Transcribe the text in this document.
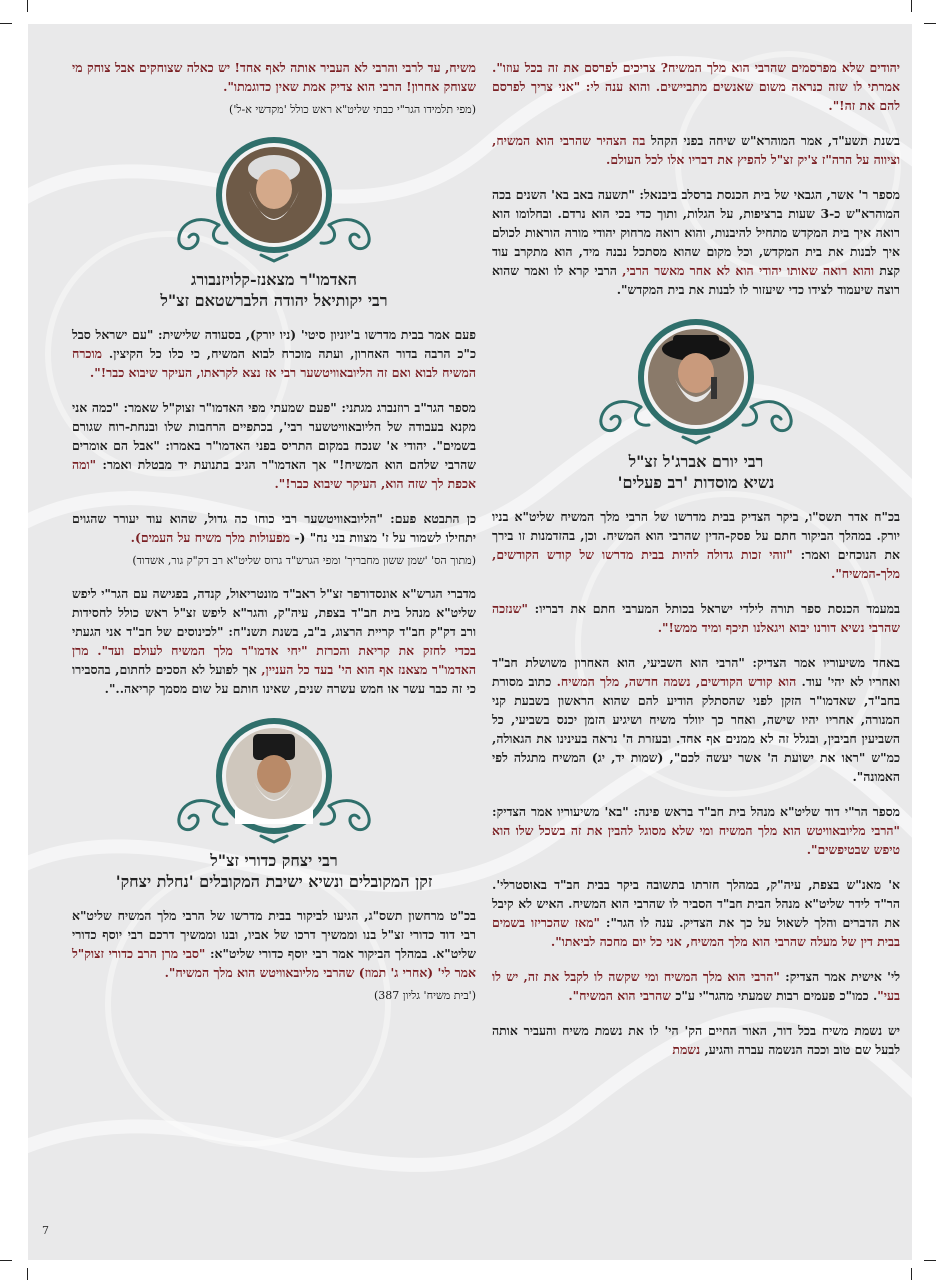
יהודים שלא מפרסמים שהרבי הוא מלך המשיח? צריכים לפרסם את זה בכל עוזו". אמרתי לו שזה כנראה משום שאנשים מתביישים. והוא ענה לי: "אני צריך לפרסם להם את זה!".

בשנת תשע"ד, אמר המוהרא"ש שיחה בפני הקהל בה הצהיר שהרבי הוא המשיח, וציווה על הרה"ז צ'יק זצ"ל להפיץ את דבריו אלו לכל העולם.

מספר ר' אשר, הגבאי של בית הכנסת ברסלב ביבנאל: "תשעה באב בא' השנים בכה המוהרא"ש כ-3 שעות ברציפות, על הגלות, ותוך כדי בכי הוא נרדם. ובחלומו הוא רואה איך בית המקדש מתחיל להיבנות, והוא רואה מרחוק יהודי מורה הוראות לכולם איך לבנות את בית המקדש, וכל מקום שהוא מסתכל נבנה מיד, הוא מתקרב עוד קצת והוא רואה שאותו יהודי הוא לא אחר מאשר הרבי, הרבי קרא לו ואמר שהוא רוצה שיעמוד לצידו כדי שיעזור לו לבנות את בית המקדש".

רבי יורם אברג'ל זצ"ל
נשיא מוסדות 'רב פעלים'

בכ"ח אדר תשס"ו, ביקר הצדיק בבית מדרשו של הרבי מלך המשיח שליט"א בניו יורק. במהלך הביקור חתם על פסק-הדין שהרבי הוא המשיח. וכן, בהזדמנות זו בירך את הנוכחים ואמר: "זוהי זכות גדולה להיות בבית מדרשו של קודש הקודשים, מלך-המשיח".

במעמד הכנסת ספר תורה לילדי ישראל בכותל המערבי חתם את דבריו: "שנזכה שהרבי נשיא דורנו יבוא ויגאלנו תיכף ומיד ממש!".

באחד משיעוריו אמר הצדיק: "הרבי הוא השביעי, הוא האחרון משושלת חב"ד ואחריו לא יהי' עוד. הוא קודש הקודשים, נשמה חדשה, מלך המשיח. כתוב מסורת בחב"ד, שאדמו"ר הזקן לפני שהסתלק הודיע להם שהוא הראשון בשבעת קני המנורה, אחריו יהיו שישה, ואחר כך יוולד משיח ושיגיע הזמן יכנס בשביעי, כל השביעין חביבין, ובגלל זה לא ממנים אף אחד. ובעזרת ה' נראה בעינינו את הגאולה, כמ"ש "ראו את ישועת ה' אשר יעשה לכם", (שמות יד, יג) המשיח מתגלה לפי האמונה".

מספר הר"י דוד שליט"א מנהל בית חב"ד בראש פינה: "בא' משיעוריו אמר הצדיק: "הרבי מליובאוויטש הוא מלך המשיח ומי שלא מסוגל להבין את זה בשכל שלו הוא טיפש שבטיפשים".

א' מאנ"ש בצפת, עיה"ק, במהלך חזרתו בתשובה ביקר בבית חב"ד באוסטרלי'. הר"ד לידר שליט"א מנהל הבית חב"ד הסביר לו שהרבי הוא המשיח. האיש לא קיבל את הדברים והלך לשאול על כך את הצדיק. ענה לו הגר": "מאז שהכריזו בשמים בבית דין של מעלה שהרבי הוא מלך המשיח, אני כל יום מחכה לביאתו".

לי' אישית אמר הצדיק: "הרבי הוא מלך המשיח ומי שקשה לו לקבל את זה, יש לו בעי". כמו"כ פעמים רבות שמעתי מהגר"י ע"כ שהרבי הוא המשיח".

יש נשמת משיח בכל דור, האור החיים הק' הי' לו את נשמת משיח והעביר אותה לבעל שם טוב וככה הנשמה עברה והגיע, נשמת

משיח, עד לרבי והרבי לא העביר אותה לאף אחד! יש כאלה שצוחקים אבל צוחק מי שצוחק אחרון! הרבי הוא צדיק אמת שאין כדוגמתו".

(מפי תלמידו הגר"י כבתי שליט"א ראש כולל 'מקדשי א-ל')

האדמו"ר מצאנז-קלויזנבורג
רבי יקותיאל יהודה הלברשטאם זצ"ל

פעם אמר בבית מדרשו ב'יוניון סיטי' (ניו יורק), בסעודה שלישית: "עם ישראל סבל כ"כ הרבה בדור האחרון, ועתה מוכרח לבוא המשיח, כי כלו כל הקיצין. מוכרח המשיח לבוא ואם זה הליובאוויטשער רבי אז נצא לקראתו, העיקר שיבוא כבר!".

מספר הגר"ב רוזנברג מגתני: "פעם שמעתי מפי האדמו"ר זצוק"ל שאמר: "כמה אני מקנא בעבודה של הליובאוויטשער רבי', בכתפיים הרחבות שלו ובנחת-רוח שגורם בשמים". יהודי א' שנכח במקום התריס בפני האדמו"ר באמרו: "אבל הם אומרים שהרבי שלהם הוא המשיח!" אך האדמו"ר הגיב בתנועת יד מבטלת ואמר: "ומה אכפת לך שזה הוא, העיקר שיבוא כבר!".

כן התבטא פעם: "הליובאוויטשער רבי כוחו כה גדול, שהוא עוד יעורר שהגוים יתחילו לשמור על ז' מצוות בני נח" (- מפעולות מלך משיח על העמים).

(מתוך הס' 'שמן ששון מחבריך' ומפי הגרש"ד גרוס שליט"א רב דק"ק גור, אשדוד)

מדברי הגרש"א אונסדורפר זצ"ל ראב"ד מונטריאול, קנדה, בפגישה עם הגר"י ליפש שליט"א מנהל בית חב"ד בצפת, עיה"ק, והגר"א ליפש זצ"ל ראש כולל לחסידות ורב דק"ק חב"ד קריית הרצוג, ב"ב, בשנת תשנ"ח: "לכינוסים של חב"ד אני הגעתי בכדי לחזק את קריאת והכרזת "יחי אדמו"ר מלך המשיח לעולם ועד". מרן האדמו"ר מצאנז אף הוא הי' בעד כל העניין, אך לפועל לא הסכים לחתום, בהסבירו כי זה כבר עשר או חמש עשרה שנים, שאינו חותם על שום מסמך קריאה..".

רבי יצחק כדורי זצ"ל
זקן המקובלים ונשיא ישיבת המקובלים 'נחלת יצחק'

בכ"ט מרחשון תשס"ג, הגיעו לביקור בבית מדרשו של הרבי מלך המשיח שליט"א רבי דוד כדורי זצ"ל בנו וממשיך דרכו של אביו, ובנו וממשיך דרכם רבי יוסף כדורי שליט"א. במהלך הביקור אמר רבי יוסף כדורי שליט"א: "סבי מרן הרב כדורי זצוק"ל אמר לי' (אחרי ג' תמוז) שהרבי מליובאוויטש הוא מלך המשיח".

('בית משיח' גליון 387)

7
